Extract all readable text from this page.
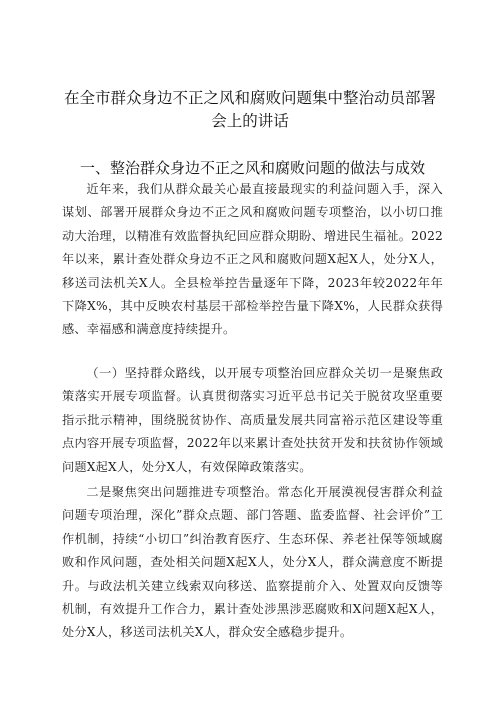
在全市群众身边不正之风和腐败问题集中整治动员部署会上的讲话
一、整治群众身边不正之风和腐败问题的做法与成效

近年来，我们从群众最关心最直接最现实的利益问题入手，深入谋划、部署开展群众身边不正之风和腐败问题专项整治，以小切口推动大治理，以精准有效监督执纪回应群众期盼、增进民生福祉。2022年以来，累计查处群众身边不正之风和腐败问题X起X人，处分X人，移送司法机关X人。全县检举控告量逐年下降，2023年较2022年年下降X%，其中反映农村基层干部检举控告量下降X%，人民群众获得感、幸福感和满意度持续提升。

（一）坚持群众路线，以开展专项整治回应群众关切一是聚焦政策落实开展专项监督。认真贯彻落实习近平总书记关于脱贫攻坚重要指示批示精神，围绕脱贫协作、高质量发展共同富裕示范区建设等重点内容开展专项监督，2022年以来累计查处扶贫开发和扶贫协作领域问题X起X人，处分X人，有效保障政策落实。

二是聚焦突出问题推进专项整治。常态化开展漠视侵害群众利益问题专项治理，深化”群众点题、部门答题、监委监督、社会评价”工作机制，持续“小切口”纠治教育医疗、生态环保、养老社保等领域腐败和作风问题，查处相关问题X起X人，处分X人，群众满意度不断提升。与政法机关建立线索双向移送、监察提前介入、处置双向反馈等机制，有效提升工作合力，累计查处涉黑涉恶腐败和X问题X起X人，处分X人，移送司法机关X人，群众安全感稳步提升。
